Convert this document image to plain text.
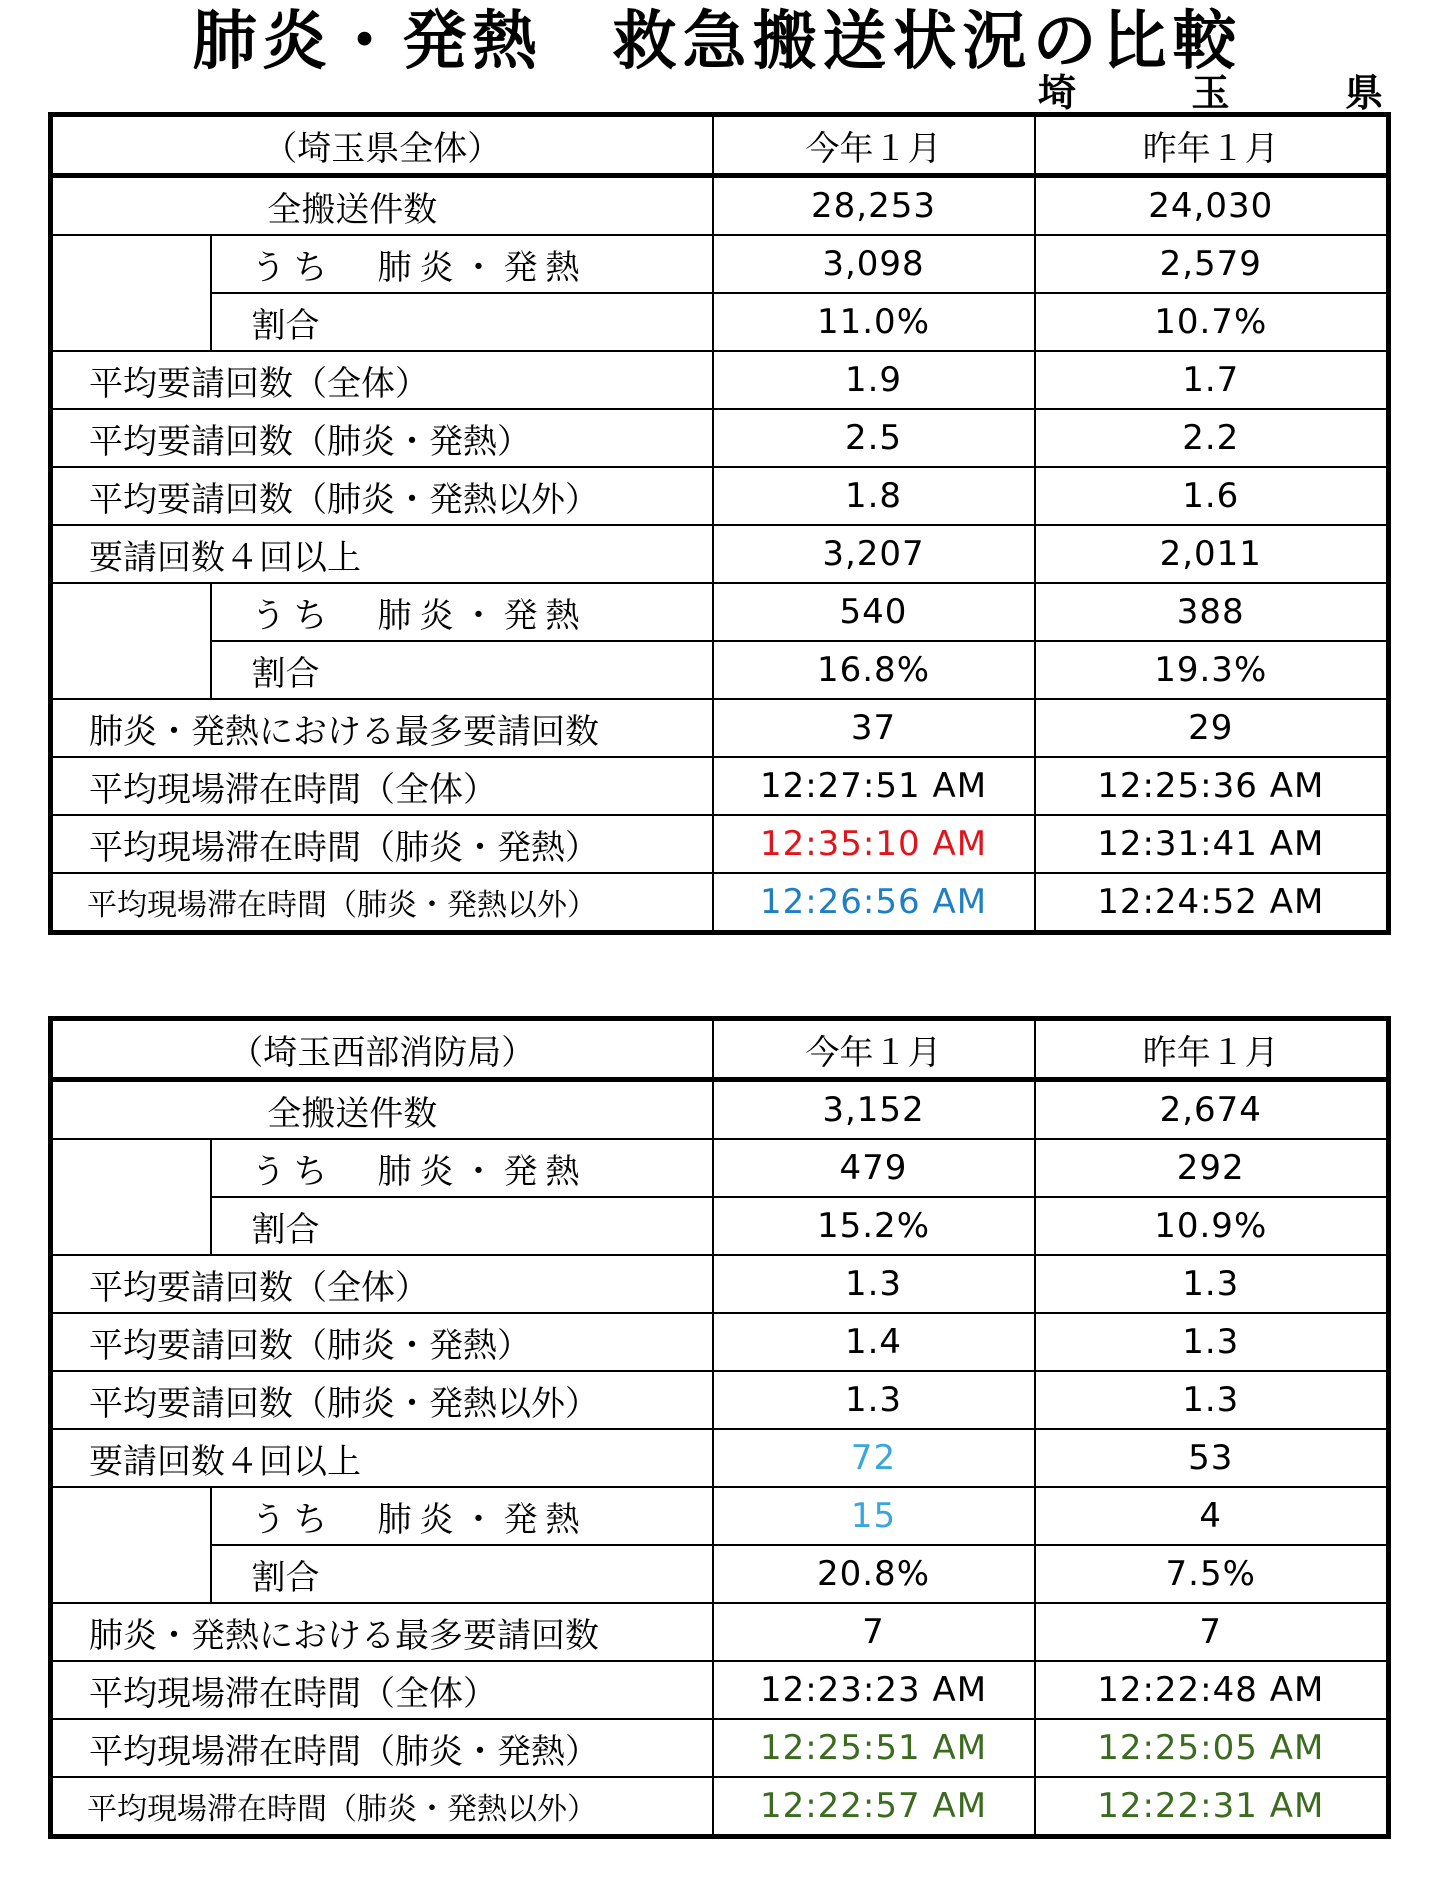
肺炎・発熱　救急搬送状況の比較
埼	玉	県
（埼玉県全体）		今年１月	昨年１月
全搬送件数		28,253	24,030
	うち　肺炎・発熱	3,098	2,579
	割合	11.0%	10.7%
平均要請回数（全体）		1.9	1.7
平均要請回数（肺炎・発熱）		2.5	2.2
平均要請回数（肺炎・発熱以外）		1.8	1.6
要請回数４回以上		3,207	2,011
	うち　肺炎・発熱	540	388
	割合	16.8%	19.3%
肺炎・発熱における最多要請回数		37	29
平均現場滞在時間（全体）		12:27:51 AM	12:25:36 AM
平均現場滞在時間（肺炎・発熱）		12:35:10 AM	12:31:41 AM
平均現場滞在時間（肺炎・発熱以外）		12:26:56 AM	12:24:52 AM
（埼玉西部消防局）		今年１月	昨年１月
全搬送件数		3,152	2,674
	うち　肺炎・発熱	479	292
	割合	15.2%	10.9%
平均要請回数（全体）		1.3	1.3
平均要請回数（肺炎・発熱）		1.4	1.3
平均要請回数（肺炎・発熱以外）		1.3	1.3
要請回数４回以上		72	53
	うち　肺炎・発熱	15	4
	割合	20.8%	7.5%
肺炎・発熱における最多要請回数		7	7
平均現場滞在時間（全体）		12:23:23 AM	12:22:48 AM
平均現場滞在時間（肺炎・発熱）		12:25:51 AM	12:25:05 AM
平均現場滞在時間（肺炎・発熱以外）		12:22:57 AM	12:22:31 AM
